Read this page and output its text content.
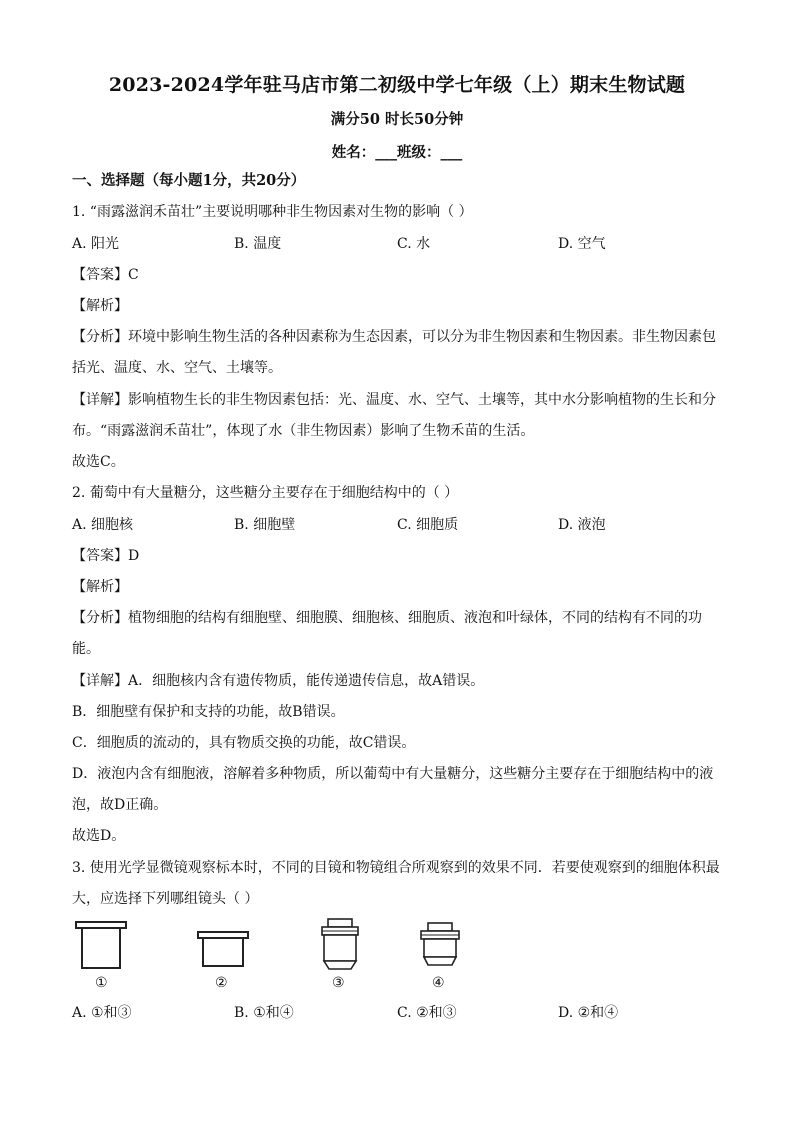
2023-2024学年驻马店市第二初级中学七年级（上）期末生物试题
满分50 时长50分钟
姓名：___班级：___
一、选择题（每小题1分，共20分）
1. “雨露滋润禾苗壮”主要说明哪种非生物因素对生物的影响（ ）
A. 阳光	B. 温度	C. 水	D. 空气
【答案】C
【解析】
【分析】环境中影响生物生活的各种因素称为生态因素，可以分为非生物因素和生物因素。非生物因素包
括光、温度、水、空气、土壤等。
【详解】影响植物生长的非生物因素包括：光、温度、水、空气、土壤等，其中水分影响植物的生长和分
布。“雨露滋润禾苗壮”，体现了水（非生物因素）影响了生物禾苗的生活。
故选C。
2. 葡萄中有大量糖分，这些糖分主要存在于细胞结构中的（ ）
A. 细胞核	B. 细胞壁	C. 细胞质	D. 液泡
【答案】D
【解析】
【分析】植物细胞的结构有细胞壁、细胞膜、细胞核、细胞质、液泡和叶绿体，不同的结构有不同的功
能。
【详解】A．细胞核内含有遗传物质，能传递遗传信息，故A错误。
B．细胞壁有保护和支持的功能，故B错误。
C．细胞质的流动的，具有物质交换的功能，故C错误。
D．液泡内含有细胞液，溶解着多种物质，所以葡萄中有大量糖分，这些糖分主要存在于细胞结构中的液
泡，故D正确。
故选D。
3. 使用光学显微镜观察标本时，不同的目镜和物镜组合所观察到的效果不同．若要使观察到的细胞体积最
大，应选择下列哪组镜头（ ）
①	②	③	④
A. ①和③	B. ①和④	C. ②和③	D. ②和④
